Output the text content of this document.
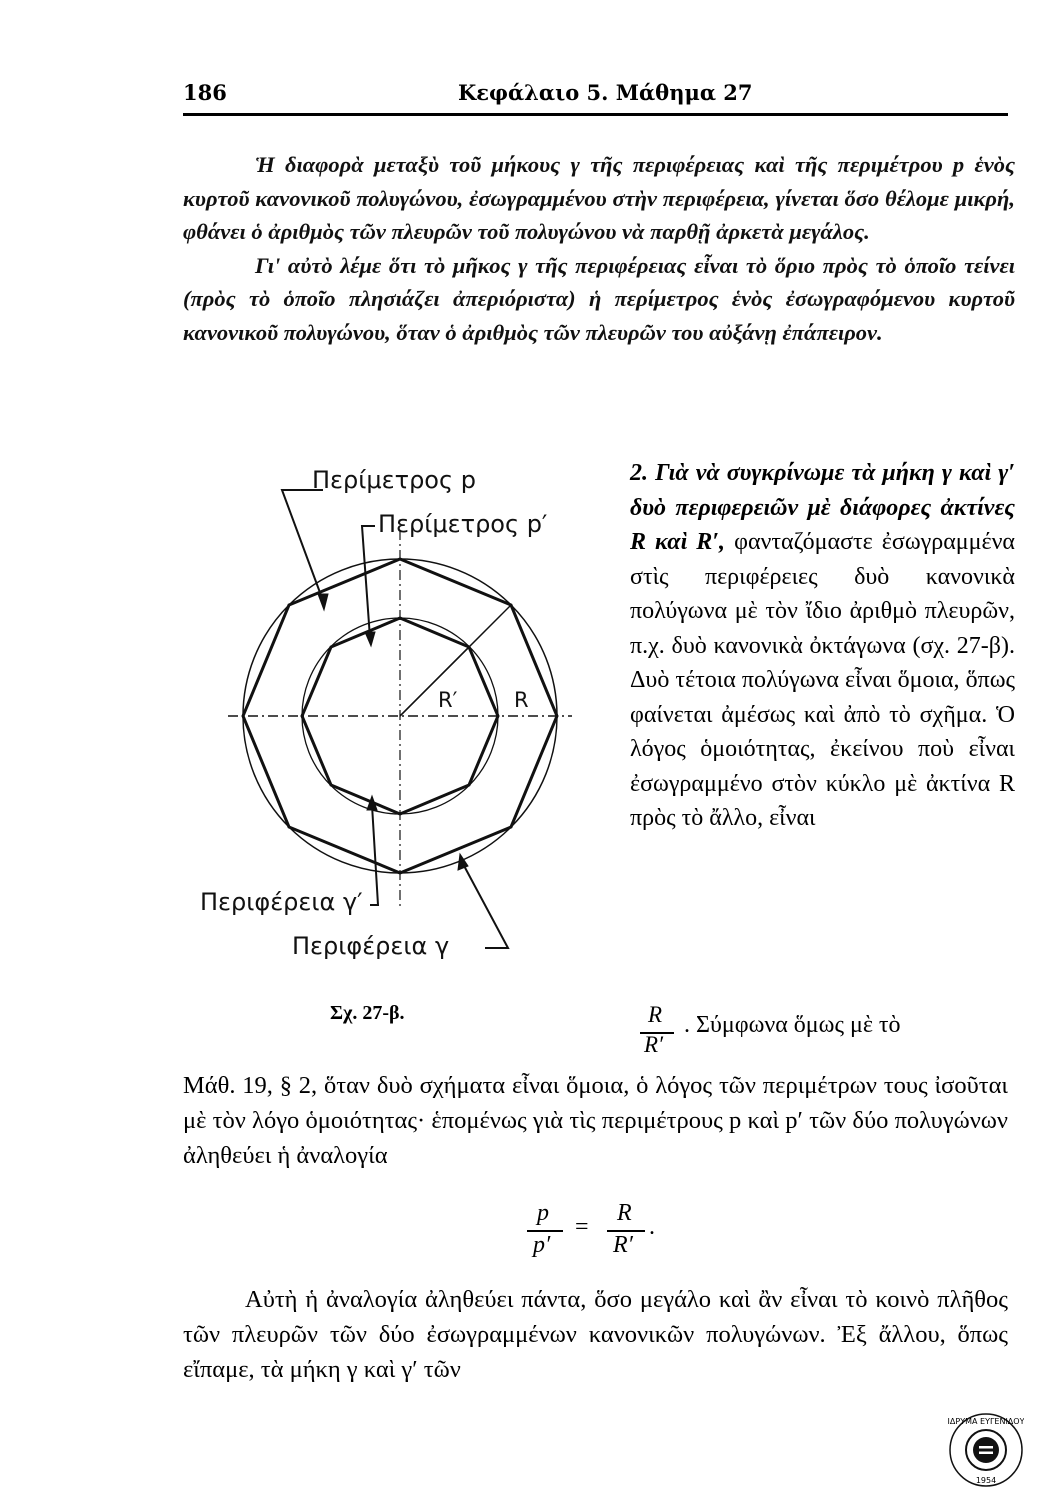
186	Κεφάλαιο 5. Μάθημα 27

Ἡ διαφορὰ μεταξὺ τοῦ μήκους γ τῆς περιφέρειας καὶ τῆς περιμέτρου p ἑνὸς κυρτοῦ κανονικοῦ πολυγώνου, ἐσωγραμμένου στὴν περιφέρεια, γίνεται ὅσο θέλομε μικρή, φθάνει ὁ ἀριθμὸς τῶν πλευρῶν τοῦ πολυγώνου νὰ παρθῇ ἀρκετὰ μεγάλος.

Γι' αὐτὸ λέμε ὅτι τὸ μῆκος γ τῆς περιφέρειας εἶναι τὸ ὅριο πρὸς τὸ ὁποῖο τείνει (πρὸς τὸ ὁποῖο πλησιάζει ἀπεριόριστα) ἡ περίμετρος ἑνὸς ἐσωγραφόμενου κυρτοῦ κανονικοῦ πολυγώνου, ὅταν ὁ ἀριθμὸς τῶν πλευρῶν του αὐξάνῃ ἐπάπειρον.

Περίμετρος p
Περίμετρος p′
R′	R
Περιφέρεια γ′
Περιφέρεια γ
Σχ. 27-β.
2. Γιὰ νὰ συγκρίνωμε τὰ μήκη γ καὶ γ′ δυὸ περιφερειῶν μὲ διάφορες ἀκτίνες R καὶ R′, φανταζόμαστε ἐσωγραμμένα στὶς περιφέρειες δυὸ κανονικὰ πολύγωνα μὲ τὸν ἴδιο ἀριθμὸ πλευρῶν, π.χ. δυὸ κανονικὰ ὀκτάγωνα (σχ. 27-β). Δυὸ τέτοια πολύγωνα εἶναι ὅμοια, ὅπως φαίνεται ἀμέσως καὶ ἀπὸ τὸ σχῆμα. Ὁ λόγος ὁμοιότητας, ἐκείνου ποὺ εἶναι ἐσωγραμμένο στὸν κύκλο μὲ ἀκτίνα R πρὸς τὸ ἄλλο, εἶναι
R
R′
. Σύμφωνα ὅμως μὲ τὸ

Μάθ. 19, § 2, ὅταν δυὸ σχήματα εἶναι ὅμοια, ὁ λόγος τῶν περιμέτρων τους ἰσοῦται μὲ τὸν λόγο ὁμοιότητας· ἑπομένως γιὰ τὶς περιμέτρους p καὶ p′ τῶν δύο πολυγώνων ἀληθεύει ἡ ἀναλογία

p
p′
=
R
R′
.
Αὐτὴ ἡ ἀναλογία ἀληθεύει πάντα, ὅσο μεγάλο καὶ ἂν εἶναι τὸ κοινὸ πλῆθος τῶν πλευρῶν τῶν δύο ἐσωγραμμένων κανονικῶν πολυγώνων. Ἐξ ἄλλου, ὅπως εἴπαμε, τὰ μήκη γ καὶ γ′ τῶν
ΙΔΡΥΜΑ ΕΥΓΕΝΙΔΟΥ
1954
